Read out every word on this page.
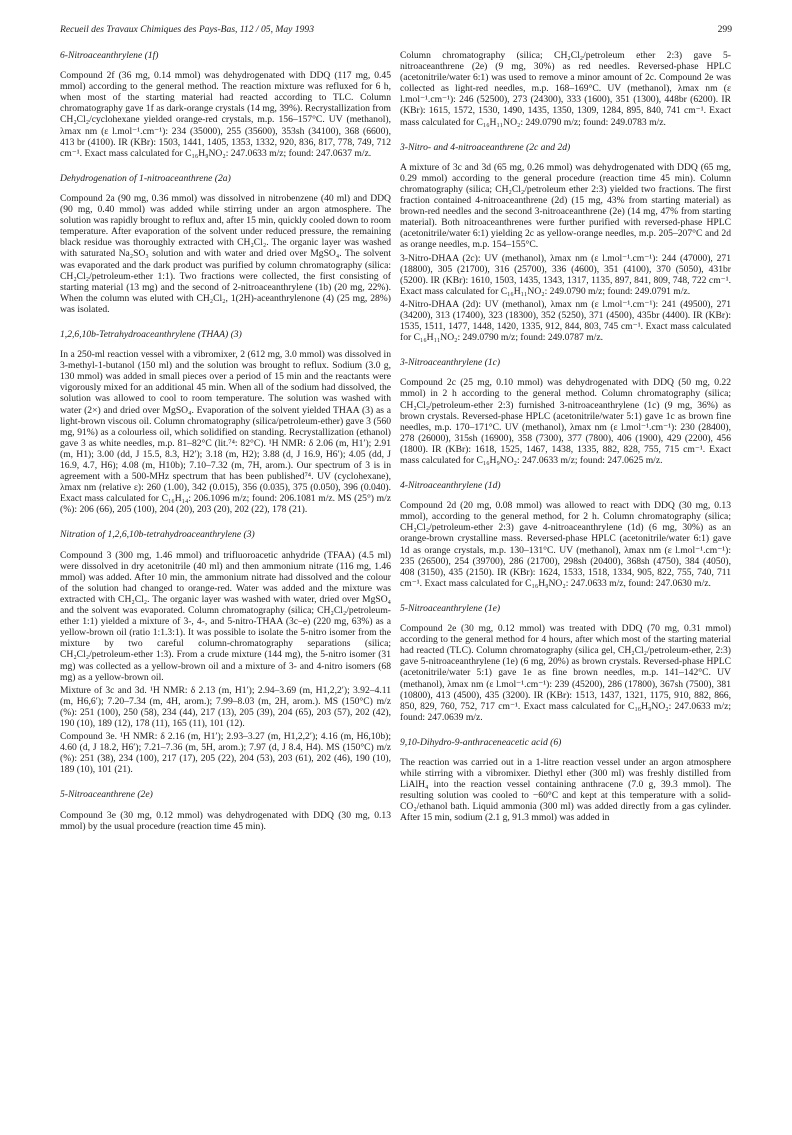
Recueil des Travaux Chimiques des Pays-Bas, 112 / 05, May 1993	299
6-Nitroaceanthrylene (1f)

Compound 2f (36 mg, 0.14 mmol) was dehydrogenated with DDQ (117 mg, 0.45 mmol) according to the general method. The reaction mixture was refluxed for 6 h, when most of the starting material had reacted according to TLC. Column chromatography gave 1f as dark-orange crystals (14 mg, 39%). Recrystallization from CH₂Cl₂/cyclohexane yielded orange-red crystals, m.p. 156–157°C. UV (methanol), λmax nm (ε l.mol⁻¹.cm⁻¹): 234 (35000), 255 (35600), 353sh (34100), 368 (6600), 413 br (4100). IR (KBr): 1503, 1441, 1405, 1353, 1332, 920, 836, 817, 778, 749, 712 cm⁻¹. Exact mass calculated for C₁₆H₉NO₂: 247.0633 m/z; found: 247.0637 m/z.

Dehydrogenation of 1-nitroaceanthrene (2a)

Compound 2a (90 mg, 0.36 mmol) was dissolved in nitrobenzene (40 ml) and DDQ (90 mg, 0.40 mmol) was added while stirring under an argon atmosphere. The solution was rapidly brought to reflux and, after 15 min, quickly cooled down to room temperature. After evaporation of the solvent under reduced pressure, the remaining black residue was thoroughly extracted with CH₂Cl₂. The organic layer was washed with saturated Na₂SO₃ solution and with water and dried over MgSO₄. The solvent was evaporated and the dark product was purified by column chromatography (silica: CH₂Cl₂/petroleum-ether 1:1). Two fractions were collected, the first consisting of starting material (13 mg) and the second of 2-nitroaceanthrylene (1b) (20 mg, 22%). When the column was eluted with CH₂Cl₂, 1(2H)-aceanthrylenone (4) (25 mg, 28%) was isolated.

1,2,6,10b-Tetrahydroaceanthrylene (THAA) (3)

In a 250-ml reaction vessel with a vibromixer, 2 (612 mg, 3.0 mmol) was dissolved in 3-methyl-1-butanol (150 ml) and the solution was brought to reflux. Sodium (3.0 g, 130 mmol) was added in small pieces over a period of 15 min and the reactants were vigorously mixed for an additional 45 min. When all of the sodium had dissolved, the solution was allowed to cool to room temperature. The solution was washed with water (2×) and dried over MgSO₄. Evaporation of the solvent yielded THAA (3) as a light-brown viscous oil. Column chromatography (silica/petroleum-ether) gave 3 (560 mg, 91%) as a colourless oil, which solidified on standing. Recrystallization (ethanol) gave 3 as white needles, m.p. 81–82°C (lit.⁷⁴: 82°C). ¹H NMR: δ 2.06 (m, H1′); 2.91 (m, H1); 3.00 (dd, J 15.5, 8.3, H2′); 3.18 (m, H2); 3.88 (d, J 16.9, H6′); 4.05 (dd, J 16.9, 4.7, H6); 4.08 (m, H10b); 7.10–7.32 (m, 7H, arom.). Our spectrum of 3 is in agreement with a 500-MHz spectrum that has been published⁷⁴. UV (cyclohexane), λmax nm (relative ε): 260 (1.00), 342 (0.015), 356 (0.035), 375 (0.050), 396 (0.040). Exact mass calculated for C₁₆H₁₄: 206.1096 m/z; found: 206.1081 m/z. MS (25°) m/z (%): 206 (66), 205 (100), 204 (20), 203 (20), 202 (22), 178 (21).

Nitration of 1,2,6,10b-tetrahydroaceanthrylene (3)

Compound 3 (300 mg, 1.46 mmol) and trifluoroacetic anhydride (TFAA) (4.5 ml) were dissolved in dry acetonitrile (40 ml) and then ammonium nitrate (116 mg, 1.46 mmol) was added. After 10 min, the ammonium nitrate had dissolved and the colour of the solution had changed to orange-red. Water was added and the mixture was extracted with CH₂Cl₂. The organic layer was washed with water, dried over MgSO₄ and the solvent was evaporated. Column chromatography (silica; CH₂Cl₂/petroleum-ether 1:1) yielded a mixture of 3-, 4-, and 5-nitro-THAA (3c–e) (220 mg, 63%) as a yellow-brown oil (ratio 1:1.3:1). It was possible to isolate the 5-nitro isomer from the mixture by two careful column-chromatography separations (silica; CH₂Cl₂/petroleum-ether 1:3). From a crude mixture (144 mg), the 5-nitro isomer (31 mg) was collected as a yellow-brown oil and a mixture of 3- and 4-nitro isomers (68 mg) as a yellow-brown oil.

Mixture of 3c and 3d. ¹H NMR: δ 2.13 (m, H1′); 2.94–3.69 (m, H1,2,2′); 3.92–4.11 (m, H6,6′); 7.20–7.34 (m, 4H, arom.); 7.99–8.03 (m, 2H, arom.). MS (150°C) m/z (%): 251 (100), 250 (58), 234 (44), 217 (13), 205 (39), 204 (65), 203 (57), 202 (42), 190 (10), 189 (12), 178 (11), 165 (11), 101 (12).

Compound 3e. ¹H NMR: δ 2.16 (m, H1′); 2.93–3.27 (m, H1,2,2′); 4.16 (m, H6,10b); 4.60 (d, J 18.2, H6′); 7.21–7.36 (m, 5H, arom.); 7.97 (d, J 8.4, H4). MS (150°C) m/z (%): 251 (38), 234 (100), 217 (17), 205 (22), 204 (53), 203 (61), 202 (46), 190 (10), 189 (10), 101 (21).

5-Nitroaceanthrene (2e)

Compound 3e (30 mg, 0.12 mmol) was dehydrogenated with DDQ (30 mg, 0.13 mmol) by the usual procedure (reaction time 45 min).

Column chromatography (silica; CH₂Cl₂/petroleum ether 2:3) gave 5-nitroaceanthrene (2e) (9 mg, 30%) as red needles. Reversed-phase HPLC (acetonitrile/water 6:1) was used to remove a minor amount of 2c. Compound 2e was collected as light-red needles, m.p. 168–169°C. UV (methanol), λmax nm (ε l.mol⁻¹.cm⁻¹): 246 (52500), 273 (24300), 333 (1600), 351 (1300), 448br (6200). IR (KBr): 1615, 1572, 1530, 1490, 1435, 1350, 1309, 1284, 895, 840, 741 cm⁻¹. Exact mass calculated for C₁₆H₁₁NO₂: 249.0790 m/z; found: 249.0783 m/z.

3-Nitro- and 4-nitroaceanthrene (2c and 2d)

A mixture of 3c and 3d (65 mg, 0.26 mmol) was dehydrogenated with DDQ (65 mg, 0.29 mmol) according to the general procedure (reaction time 45 min). Column chromatography (silica; CH₂Cl₂/petroleum ether 2:3) yielded two fractions. The first fraction contained 4-nitroaceanthrene (2d) (15 mg, 43% from starting material) as brown-red needles and the second 3-nitroaceanthrene (2e) (14 mg, 47% from starting material). Both nitroaceanthrenes were further purified with reversed-phase HPLC (acetonitrile/water 6:1) yielding 2c as yellow-orange needles, m.p. 205–207°C and 2d as orange needles, m.p. 154–155°C.

3-Nitro-DHAA (2c): UV (methanol), λmax nm (ε l.mol⁻¹.cm⁻¹): 244 (47000), 271 (18800), 305 (21700), 316 (25700), 336 (4600), 351 (4100), 370 (5050), 431br (5200). IR (KBr): 1610, 1503, 1435, 1343, 1317, 1135, 897, 841, 809, 748, 722 cm⁻¹. Exact mass calculated for C₁₆H₁₁NO₂: 249.0790 m/z; found: 249.0791 m/z.

4-Nitro-DHAA (2d): UV (methanol), λmax nm (ε l.mol⁻¹.cm⁻¹): 241 (49500), 271 (34200), 313 (17400), 323 (18300), 352 (5250), 371 (4500), 435br (4400). IR (KBr): 1535, 1511, 1477, 1448, 1420, 1335, 912, 844, 803, 745 cm⁻¹. Exact mass calculated for C₁₆H₁₁NO₂: 249.0790 m/z; found: 249.0787 m/z.

3-Nitroaceanthrylene (1c)

Compound 2c (25 mg, 0.10 mmol) was dehydrogenated with DDQ (50 mg, 0.22 mmol) in 2 h according to the general method. Column chromatography (silica; CH₂Cl₂/petroleum-ether 2:3) furnished 3-nitroaceanthrylene (1c) (9 mg, 36%) as brown crystals. Reversed-phase HPLC (acetonitrile/water 5:1) gave 1c as brown fine needles, m.p. 170–171°C. UV (methanol), λmax nm (ε l.mol⁻¹.cm⁻¹): 230 (28400), 278 (26000), 315sh (16900), 358 (7300), 377 (7800), 406 (1900), 429 (2200), 456 (1800). IR (KBr): 1618, 1525, 1467, 1438, 1335, 882, 828, 755, 715 cm⁻¹. Exact mass calculated for C₁₆H₉NO₂: 247.0633 m/z; found: 247.0625 m/z.

4-Nitroaceanthrylene (1d)

Compound 2d (20 mg, 0.08 mmol) was allowed to react with DDQ (30 mg, 0.13 mmol), according to the general method, for 2 h. Column chromatography (silica; CH₂Cl₂/petroleum-ether 2:3) gave 4-nitroaceanthrylene (1d) (6 mg, 30%) as an orange-brown crystalline mass. Reversed-phase HPLC (acetonitrile/water 6:1) gave 1d as orange crystals, m.p. 130–131°C. UV (methanol), λmax nm (ε l.mol⁻¹.cm⁻¹): 235 (26500), 254 (39700), 286 (21700), 298sh (20400), 368sh (4750), 384 (4050), 408 (3150), 435 (2150). IR (KBr): 1624, 1533, 1518, 1334, 905, 822, 755, 740, 711 cm⁻¹. Exact mass calculated for C₁₆H₉NO₂: 247.0633 m/z, found: 247.0630 m/z.

5-Nitroaceanthrylene (1e)

Compound 2e (30 mg, 0.12 mmol) was treated with DDQ (70 mg, 0.31 mmol) according to the general method for 4 hours, after which most of the starting material had reacted (TLC). Column chromatography (silica gel, CH₂Cl₂/petroleum-ether, 2:3) gave 5-nitroaceanthrylene (1e) (6 mg, 20%) as brown crystals. Reversed-phase HPLC (acetonitrile/water 5:1) gave 1e as fine brown needles, m.p. 141–142°C. UV (methanol), λmax nm (ε l.mol⁻¹.cm⁻¹): 239 (45200), 286 (17800), 367sh (7500), 381 (10800), 413 (4500), 435 (3200). IR (KBr): 1513, 1437, 1321, 1175, 910, 882, 866, 850, 829, 760, 752, 717 cm⁻¹. Exact mass calculated for C₁₆H₉NO₂: 247.0633 m/z; found: 247.0639 m/z.

9,10-Dihydro-9-anthraceneacetic acid (6)

The reaction was carried out in a 1-litre reaction vessel under an argon atmosphere while stirring with a vibromixer. Diethyl ether (300 ml) was freshly distilled from LiAlH₄ into the reaction vessel containing anthracene (7.0 g, 39.3 mmol). The resulting solution was cooled to −60°C and kept at this temperature with a solid-CO₂/ethanol bath. Liquid ammonia (300 ml) was added directly from a gas cylinder. After 15 min, sodium (2.1 g, 91.3 mmol) was added in
